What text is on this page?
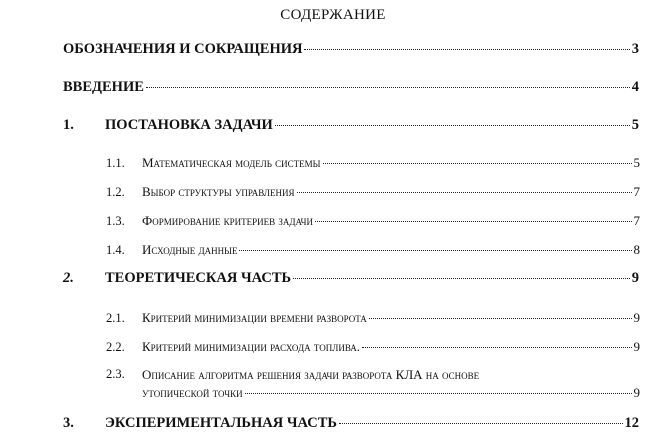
СОДЕРЖАНИЕ
ОБОЗНАЧЕНИЯ И СОКРАЩЕНИЯ	3
ВВЕДЕНИЕ	4
1.	ПОСТАНОВКА ЗАДАЧИ	5
1.1.	Математическая модель системы	5
1.2.	Выбор структуры управления	7
1.3.	Формирование критериев задачи	7
1.4.	Исходные данные	8
2.	ТЕОРЕТИЧЕСКАЯ ЧАСТЬ	9
2.1.	Критерий минимизации времени разворота	9
2.2.	Критерий минимизации расхода топлива.	9
2.3.	Описание алгоритма решения задачи разворота КЛА на основе
утопической точки	9
3.	ЭКСПЕРИМЕНТАЛЬНАЯ ЧАСТЬ	12
